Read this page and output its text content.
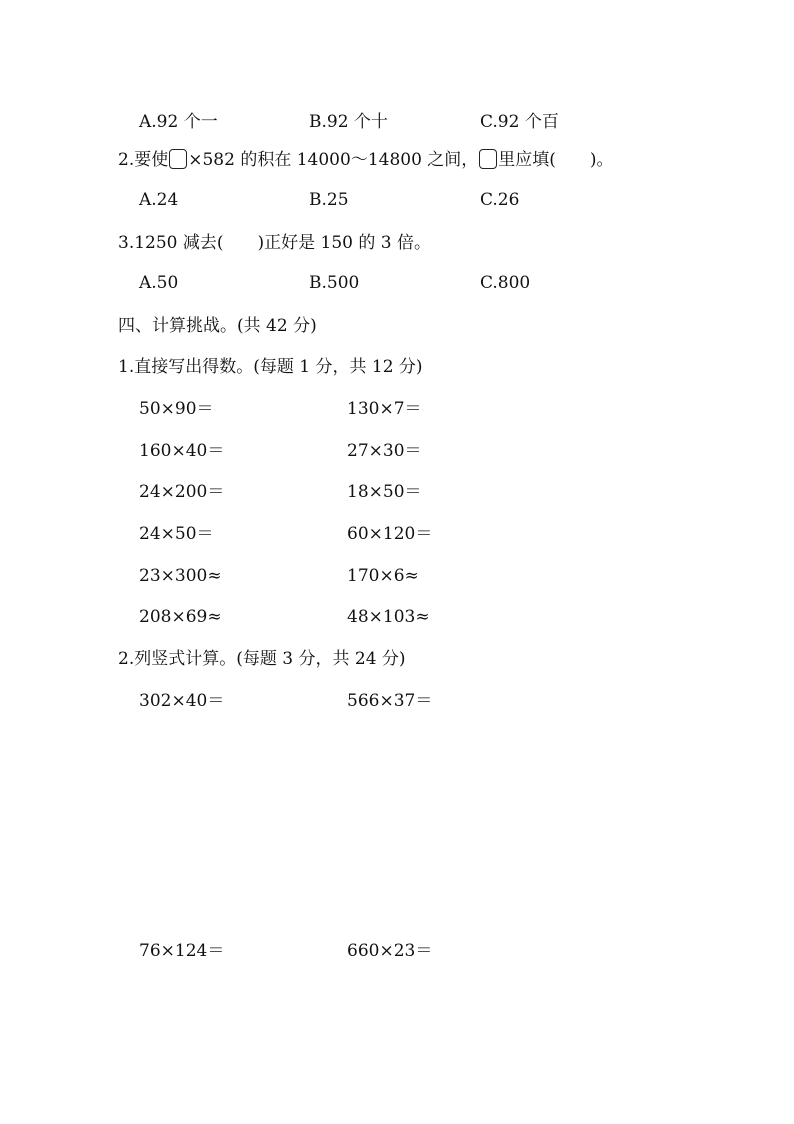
A.92 个一	B.92 个十	C.92 个百
2.要使 ×582 的积在 14000～14800 之间， 里应填(　　)。
A.24	B.25	C.26
3.1250 减去(　　)正好是 150 的 3 倍。
A.50	B.500	C.800
四、计算挑战。(共 42 分)
1.直接写出得数。(每题 1 分，共 12 分)
50×90＝	130×7＝
160×40＝	27×30＝
24×200＝	18×50＝
24×50＝	60×120＝
23×300≈	170×6≈
208×69≈	48×103≈
2.列竖式计算。(每题 3 分，共 24 分)
302×40＝	566×37＝
76×124＝	660×23＝
